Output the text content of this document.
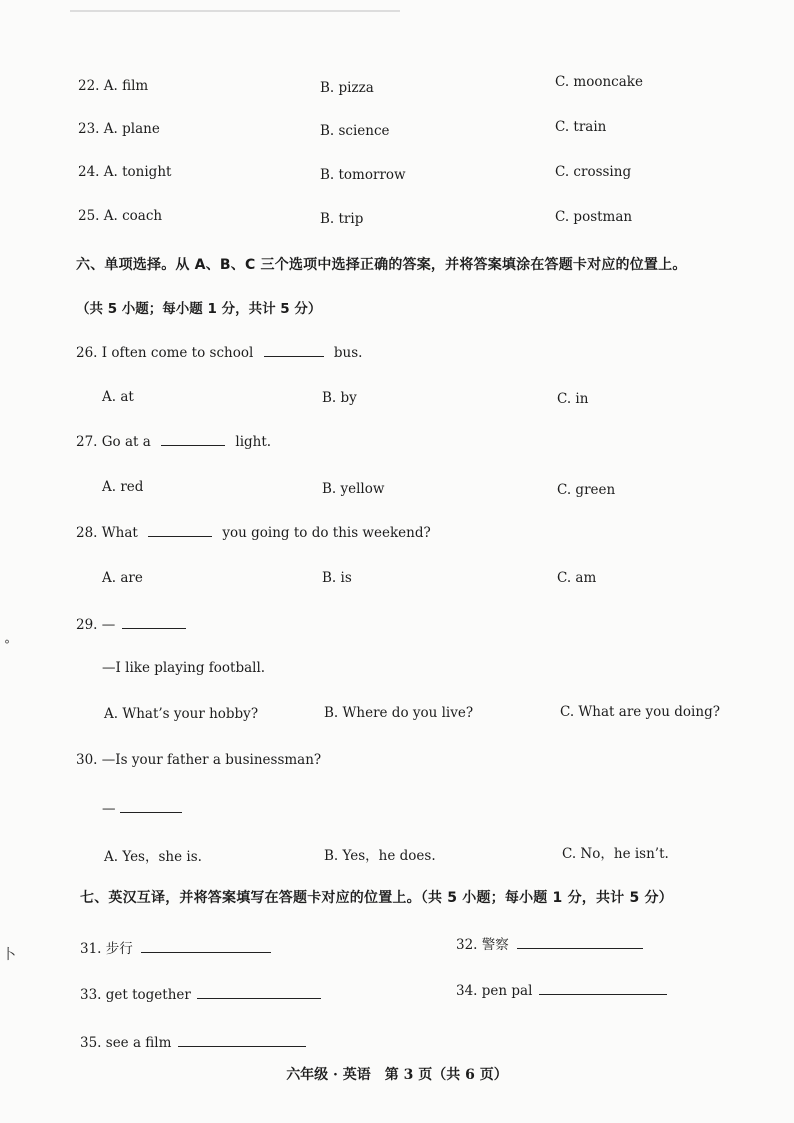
22. A. film	B. pizza	C. mooncake
23. A. plane	B. science	C. train
24. A. tonight	B. tomorrow	C. crossing
25. A. coach	B. trip	C. postman
六、单项选择。从 A、B、C 三个选项中选择正确的答案，并将答案填涂在答题卡对应的位置上。
（共 5 小题；每小题 1 分，共计 5 分）
26. I often come to school	bus.
A. at	B. by	C. in
27. Go at a	light.
A. red	B. yellow	C. green
28. What	you going to do this weekend?
A. are	B. is	C. am
29. —
—I like playing football.
A. What’s your hobby?	B. Where do you live?	C. What are you doing?
30. —Is your father a businessman?
—
A. Yes，she is.	B. Yes，he does.	C. No，he isn’t.
七、英汉互译，并将答案填写在答题卡对应的位置上。（共 5 小题；每小题 1 分，共计 5 分）
31. 步行	32. 警察
33. get together	34. pen pal
35. see a film
六年级 · 英语　第 3 页（共 6 页）
°
卜
